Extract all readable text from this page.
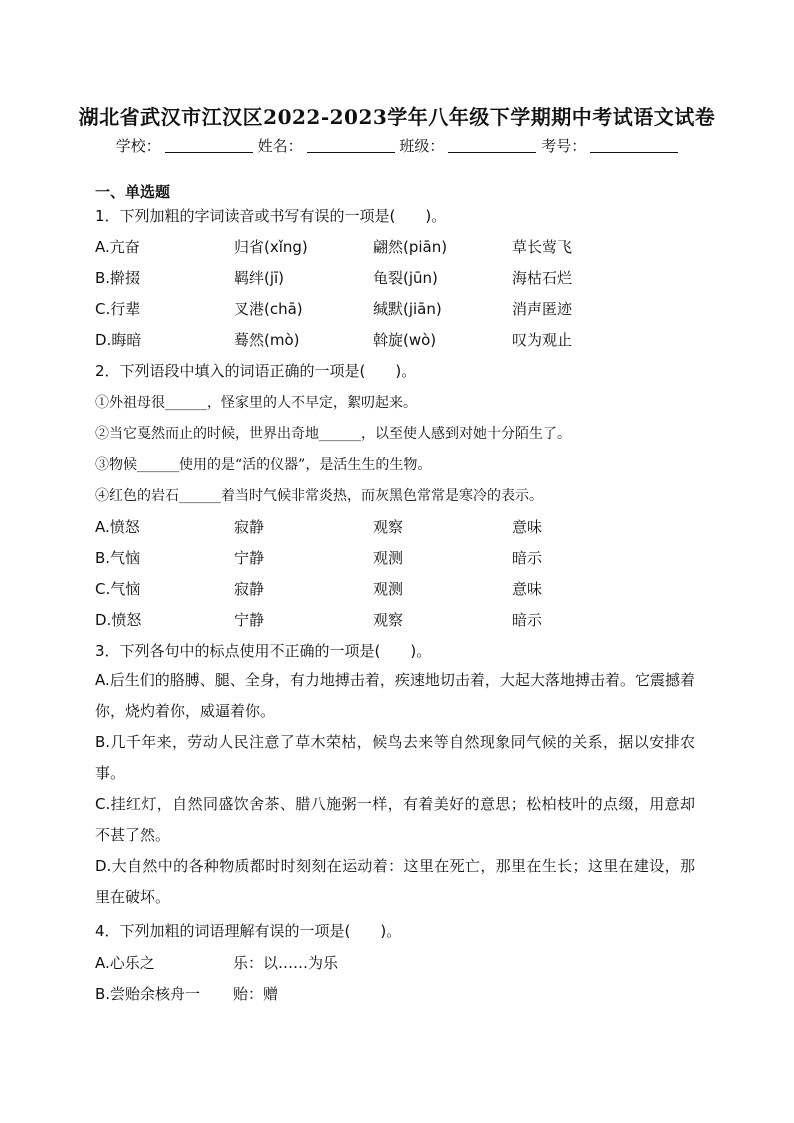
湖北省武汉市江汉区2022-2023学年八年级下学期期中考试语文试卷
学校：	姓名：	班级：	考号：
一、单选题
1．下列加粗的字词读音或书写有误的一项是(　　)。
A.亢奋	归省(xǐng)	翩然(piān)	草长莺飞
B.擀掇	羁绊(jī)	龟裂(jūn)	海枯石烂
C.行辈	叉港(chā)	缄默(jiān)	消声匿迹
D.晦暗	蓦然(mò)	斡旋(wò)	叹为观止
2．下列语段中填入的词语正确的一项是(　　)。
①外祖母很______，怪家里的人不早定，絮叨起来。
②当它戛然而止的时候，世界出奇地______，以至使人感到对她十分陌生了。
③物候______使用的是“活的仪器”，是活生生的生物。
④红色的岩石______着当时气候非常炎热，而灰黑色常常是寒冷的表示。
A.愤怒	寂静	观察	意味
B.气恼	宁静	观测	暗示
C.气恼	寂静	观测	意味
D.愤怒	宁静	观察	暗示
3．下列各句中的标点使用不正确的一项是(　　)。
A.后生们的胳膊、腿、全身，有力地搏击着，疾速地切击着，大起大落地搏击着。它震撼着你，烧灼着你，威逼着你。
B.几千年来，劳动人民注意了草木荣枯，候鸟去来等自然现象同气候的关系，据以安排农事。
C.挂红灯，自然同盛饮舍茶、腊八施粥一样，有着美好的意思；松柏枝叶的点缀，用意却不甚了然。
D.大自然中的各种物质都时时刻刻在运动着：这里在死亡，那里在生长；这里在建设，那里在破坏。
4．下列加粗的词语理解有误的一项是(　　)。
A.心乐之	乐：以……为乐
B.尝贻余核舟一 贻：赠
